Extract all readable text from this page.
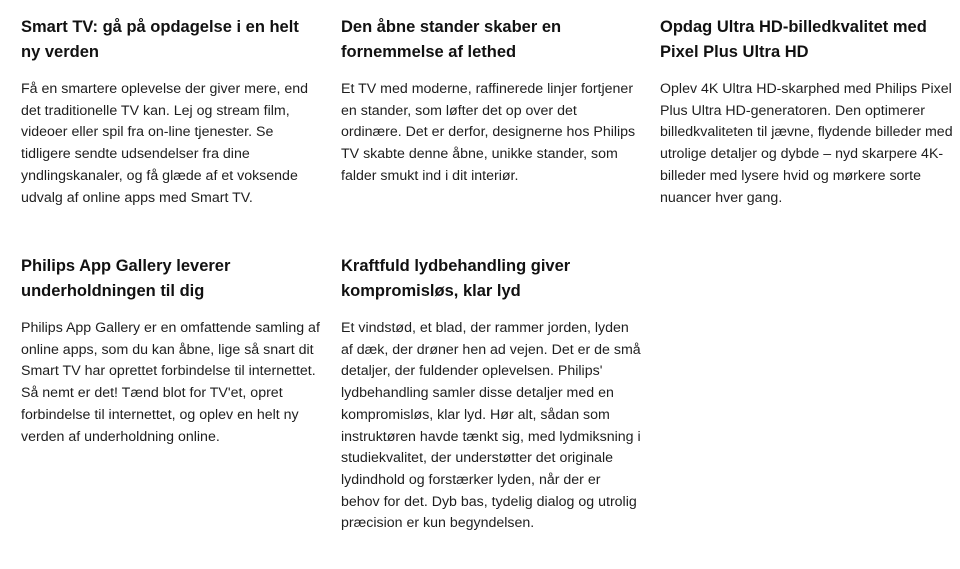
Smart TV: gå på opdagelse i en helt ny verden

Få en smartere oplevelse der giver mere, end det traditionelle TV kan. Lej og stream film, videoer eller spil fra on-line tjenester. Se tidligere sendte udsendelser fra dine yndlingskanaler, og få glæde af et voksende udvalg af online apps med Smart TV.

Den åbne stander skaber en fornemmelse af lethed

Et TV med moderne, raffinerede linjer fortjener en stander, som løfter det op over det ordinære. Det er derfor, designerne hos Philips TV skabte denne åbne, unikke stander, som falder smukt ind i dit interiør.

Opdag Ultra HD-billedkvalitet med Pixel Plus Ultra HD

Oplev 4K Ultra HD-skarphed med Philips Pixel Plus Ultra HD-generatoren. Den optimerer billedkvaliteten til jævne, flydende billeder med utrolige detaljer og dybde – nyd skarpere 4K-billeder med lysere hvid og mørkere sorte nuancer hver gang.

Philips App Gallery leverer underholdningen til dig

Philips App Gallery er en omfattende samling af online apps, som du kan åbne, lige så snart dit Smart TV har oprettet forbindelse til internettet. Så nemt er det! Tænd blot for TV'et, opret forbindelse til internettet, og oplev en helt ny verden af underholdning online.

Kraftfuld lydbehandling giver kompromisløs, klar lyd

Et vindstød, et blad, der rammer jorden, lyden af dæk, der drøner hen ad vejen. Det er de små detaljer, der fuldender oplevelsen. Philips' lydbehandling samler disse detaljer med en kompromisløs, klar lyd. Hør alt, sådan som instruktøren havde tænkt sig, med lydmiksning i studiekvalitet, der understøtter det originale lydindhold og forstærker lyden, når der er behov for det. Dyb bas, tydelig dialog og utrolig præcision er kun begyndelsen.
